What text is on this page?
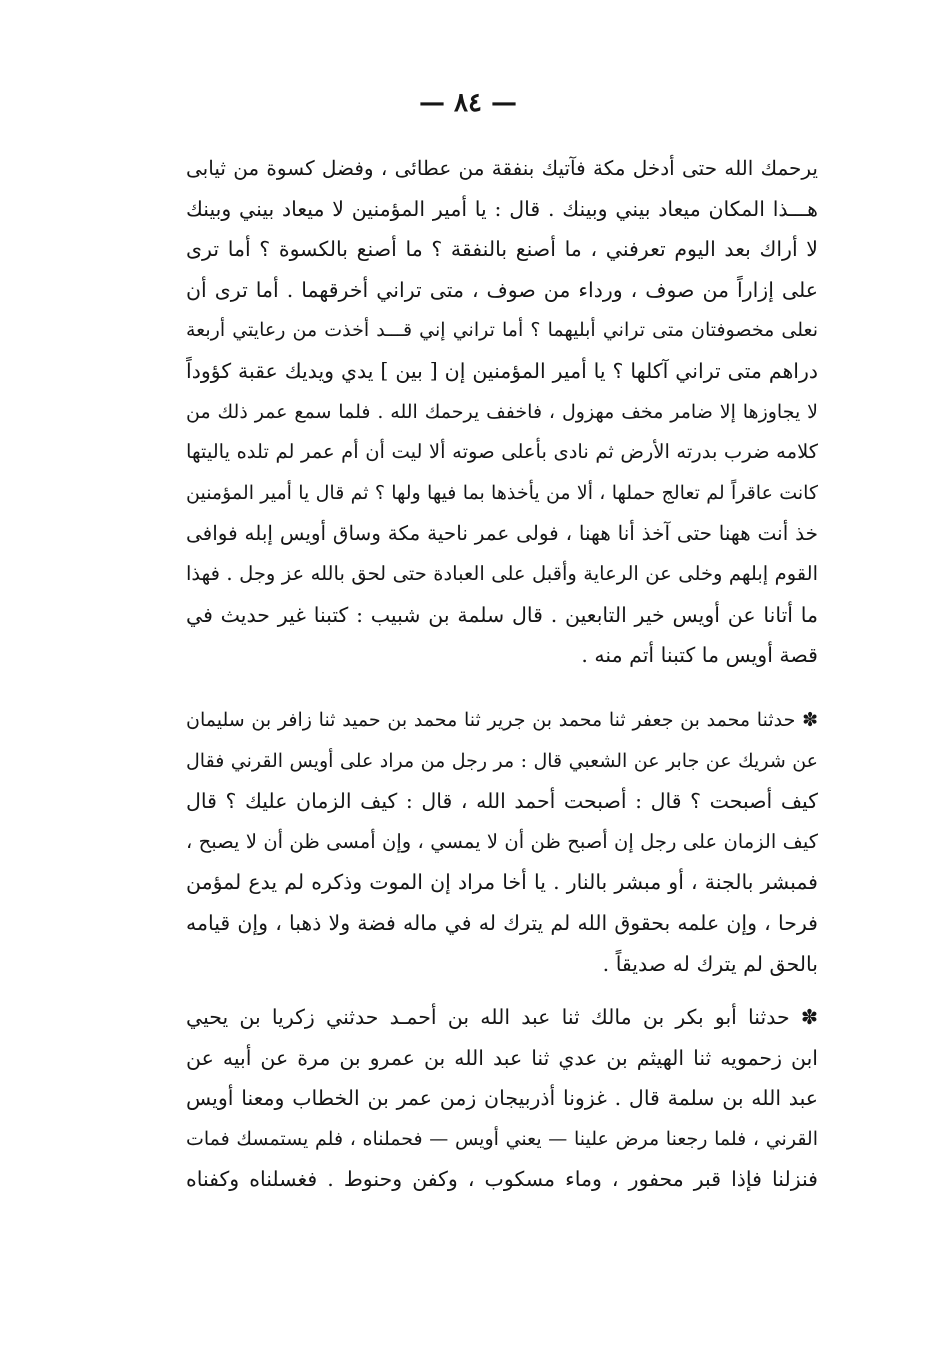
— ٨٤ —
يرحمك الله حتى أدخل مكة فآتيك بنفقة من عطائى ، وفضل كسوة من ثيابى
هـــذا المكان ميعاد بيني وبينك . قال : يا أمير المؤمنين لا ميعاد بيني وبينك
لا أراك بعد اليوم تعرفني ، ما أصنع بالنفقة ؟ ما أصنع بالكسوة ؟ أما ترى
على إزاراً من صوف ، ورداء من صوف ، متى تراني أخرقهما . أما ترى أن
نعلى مخصوفتان متى تراني أبليهما ؟ أما تراني إني قـــد أخذت من رعايتي أربعة
دراهم متى تراني آكلها ؟ يا أمير المؤمنين إن [ بين ] يدي ويديك عقبة كؤوداً
لا يجاوزها إلا ضامر مخف مهزول ، فاخفف يرحمك الله . فلما سمع عمر ذلك من
كلامه ضرب بدرته الأرض ثم نادى بأعلى صوته ألا ليت أن أم عمر لم تلده ياليتها
كانت عاقراً لم تعالج حملها ، ألا من يأخذها بما فيها ولها ؟ ثم قال يا أمير المؤمنين
خذ أنت ههنا حتى آخذ أنا ههنا ، فولى عمر ناحية مكة وساق أويس إبله فوافى
القوم إبلهم وخلى عن الرعاية وأقبل على العبادة حتى لحق بالله عز وجل . فهذا
ما أتانا عن أويس خير التابعين . قال سلمة بن شبيب : كتبنا غير حديث في
قصة أويس ما كتبنا أتم منه .
✽ حدثنا محمد بن جعفر ثنا محمد بن جرير ثنا محمد بن حميد ثنا زافر بن سليمان
عن شريك عن جابر عن الشعبي قال : مر رجل من مراد على أويس القرني فقال
كيف أصبحت ؟ قال : أصبحت أحمد الله ، قال : كيف الزمان عليك ؟ قال
كيف الزمان على رجل إن أصبح ظن أن لا يمسي ، وإن أمسى ظن أن لا يصبح ،
فمبشر بالجنة ، أو مبشر بالنار . يا أخا مراد إن الموت وذكره لم يدع لمؤمن
فرحا ، وإن علمه بحقوق الله لم يترك له في ماله فضة ولا ذهبا ، وإن قيامه
بالحق لم يترك له صديقاً .
✽ حدثنا أبو بكر بن مالك ثنا عبد الله بن أحمـد حدثني زكريا بن يحيي
ابن زحمويه ثنا الهيثم بن عدي ثنا عبد الله بن عمرو بن مرة عن أبيه عن
عبد الله بن سلمة قال . غزونا أذربيجان زمن عمر بن الخطاب ومعنا أويس
القرني ، فلما رجعنا مرض علينا — يعني أويس — فحملناه ، فلم يستمسك فمات
فنزلنا فإذا قبر محفور ، وماء مسكوب ، وكفن وحنوط . فغسلناه وكفناه
